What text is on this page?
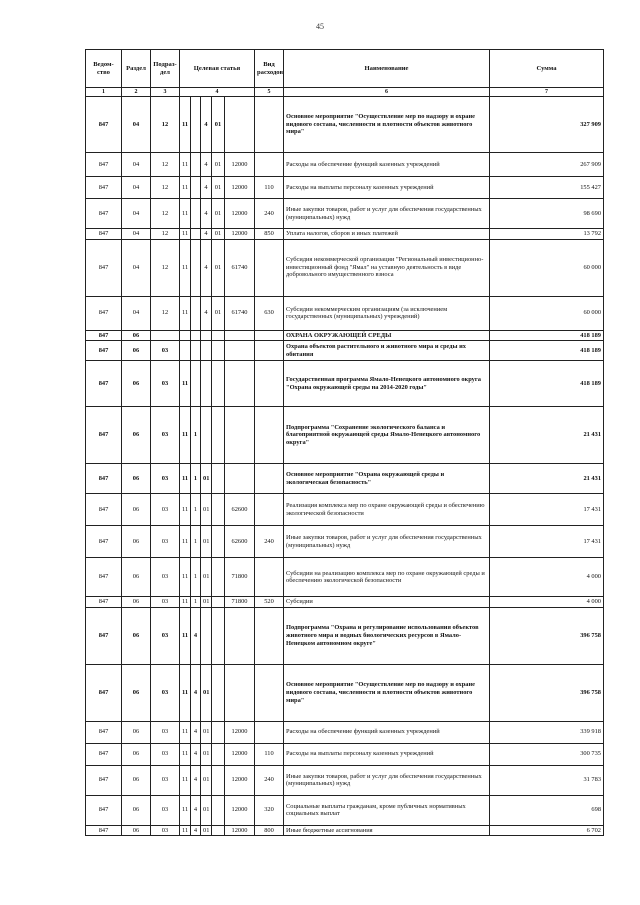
45
Ведом-ство	Раздел	Подраз-дел	Целевая статья					Вид расходов	Наименование	Сумма
1	2	3	4					5	6	7
847	04	12	11		4	01			Основное мероприятие "Осуществление мер по надзору и охране видового состава, численности и плотности объектов животного мира"	327 909
847	04	12	11		4	01	12000		Расходы на обеспечение функций казенных учреждений	267 909
847	04	12	11		4	01	12000	110	Расходы на выплаты персоналу казенных учреждений	155 427
847	04	12	11		4	01	12000	240	Иные закупки товаров, работ и услуг для обеспечения государственных (муниципальных) нужд	98 690
847	04	12	11		4	01	12000	850	Уплата налогов, сборов и иных платежей	13 792
847	04	12	11		4	01	61740		Субсидия некоммерческой организации "Региональный инвестиционно-инвестиционный фонд "Ямал" на уставную деятельность в виде добровольного имущественного взноса	60 000
847	04	12	11		4	01	61740	630	Субсидии некоммерческим организациям (за исключением государственных (муниципальных) учреждений)	60 000
847	06								ОХРАНА ОКРУЖАЮЩЕЙ СРЕДЫ	418 189
847	06	03							Охрана объектов растительного и животного мира и среды их обитания	418 189
847	06	03	11						Государственная программа Ямало-Ненецкого автономного округа "Охрана окружающей среды на 2014-2020 годы"	418 189
847	06	03	11	1					Подпрограмма "Сохранение экологического баланса и благоприятной окружающей среды Ямало-Ненецкого автономного округа"	21 431
847	06	03	11	1	01				Основное мероприятие "Охрана окружающей среды и экологическая безопасность"	21 431
847	06	03	11	1	01		62600		Реализация комплекса мер по охране окружающей среды и обеспечению экологической безопасности	17 431
847	06	03	11	1	01		62600	240	Иные закупки товаров, работ и услуг для обеспечения государственных (муниципальных) нужд	17 431
847	06	03	11	1	01		71800		Субсидии на реализацию комплекса мер по охране окружающей среды и обеспечению экологической безопасности	4 000
847	06	03	11	1	01		71800	520	Субсидии	4 000
847	06	03	11	4					Подпрограмма "Охрана и регулирование использования объектов животного мира и водных биологических ресурсов в Ямало-Ненецком автономном округе"	396 758
847	06	03	11	4	01				Основное мероприятие "Осуществление мер по надзору и охране видового состава, численности и плотности объектов животного мира"	396 758
847	06	03	11	4	01		12000		Расходы на обеспечение функций казенных учреждений	339 918
847	06	03	11	4	01		12000	110	Расходы на выплаты персоналу казенных учреждений	300 735
847	06	03	11	4	01		12000	240	Иные закупки товаров, работ и услуг для обеспечения государственных (муниципальных) нужд	31 783
847	06	03	11	4	01		12000	320	Социальные выплаты гражданам, кроме публичных нормативных социальных выплат	698
847	06	03	11	4	01		12000	800	Иные бюджетные ассигнования	6 702
